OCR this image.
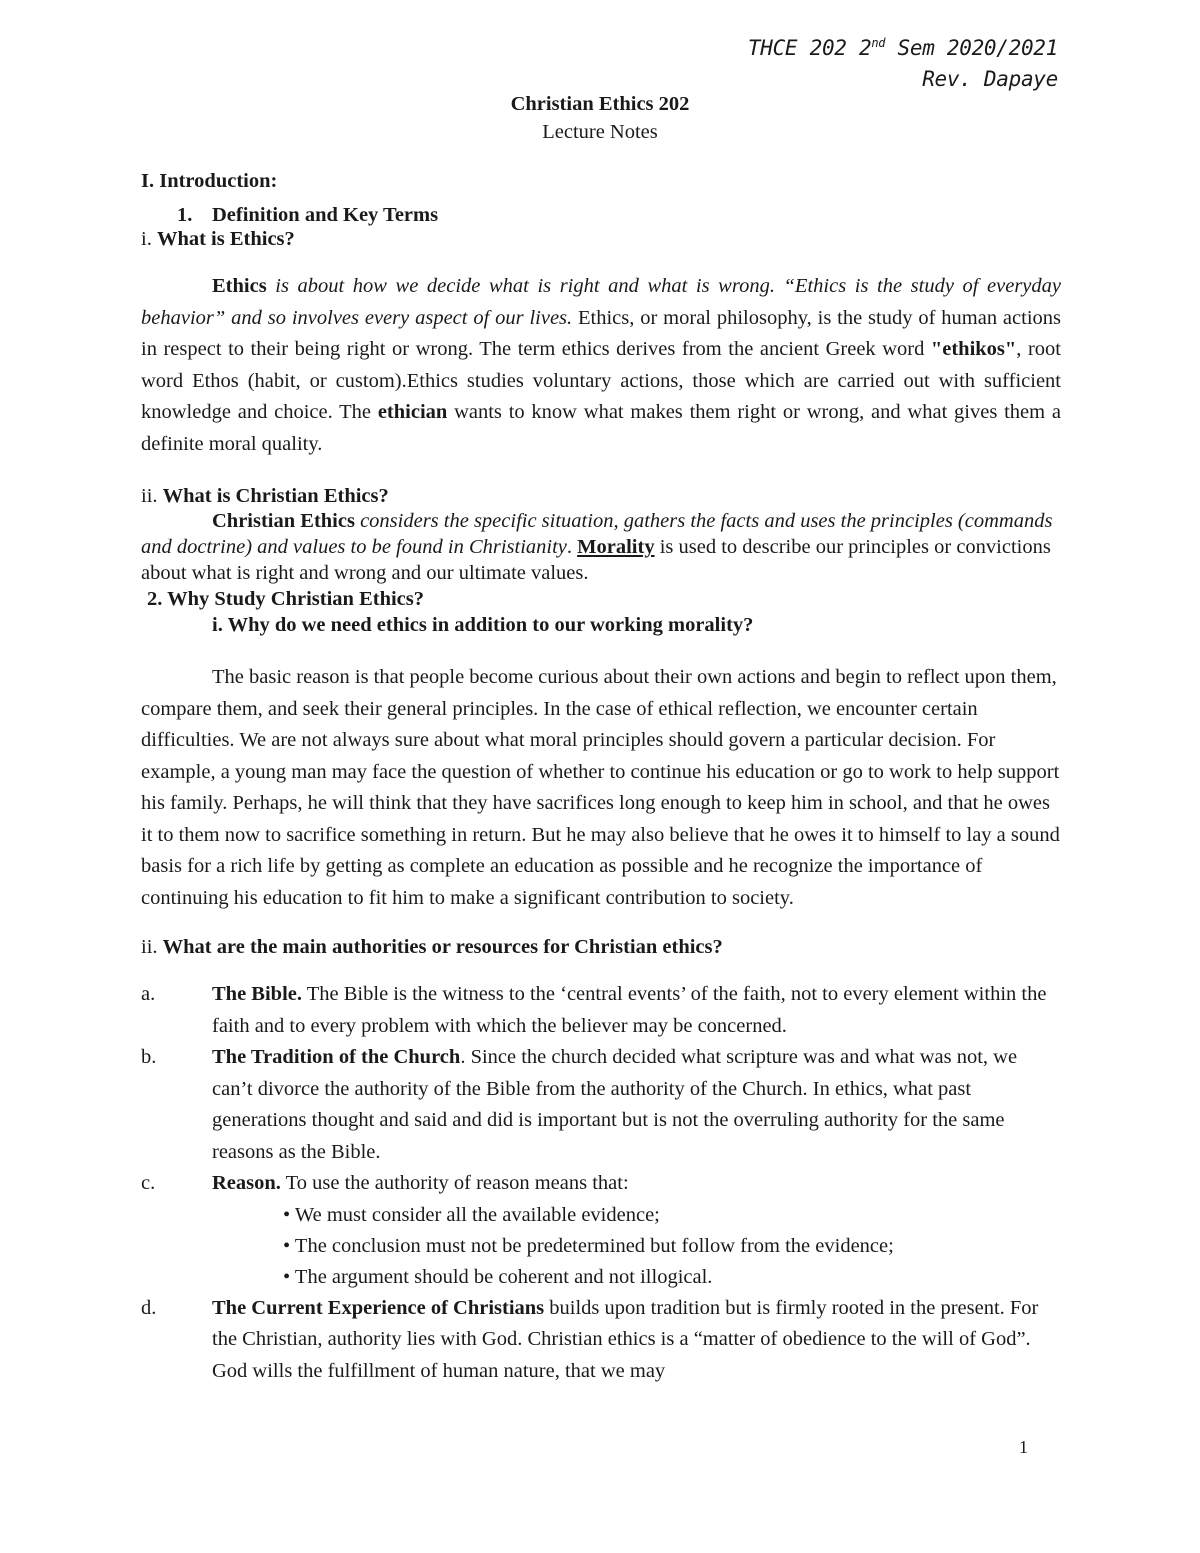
THCE 202 2nd Sem 2020/2021
Rev. Dapaye
Christian Ethics 202
Lecture Notes

I. Introduction:

1. Definition and Key Terms

i. What is Ethics?

Ethics is about how we decide what is right and what is wrong. “Ethics is the study of everyday behavior” and so involves every aspect of our lives. Ethics, or moral philosophy, is the study of human actions in respect to their being right or wrong. The term ethics derives from the ancient Greek word "ethikos", root word Ethos (habit, or custom).Ethics studies voluntary actions, those which are carried out with sufficient knowledge and choice. The ethician wants to know what makes them right or wrong, and what gives them a definite moral quality.

ii. What is Christian Ethics?

Christian Ethics considers the specific situation, gathers the facts and uses the principles (commands and doctrine) and values to be found in Christianity. Morality is used to describe our principles or convictions about what is right and wrong and our ultimate values.

2. Why Study Christian Ethics?

i. Why do we need ethics in addition to our working morality?

The basic reason is that people become curious about their own actions and begin to reflect upon them, compare them, and seek their general principles. In the case of ethical reflection, we encounter certain difficulties. We are not always sure about what moral principles should govern a particular decision. For example, a young man may face the question of whether to continue his education or go to work to help support his family. Perhaps, he will think that they have sacrifices long enough to keep him in school, and that he owes it to them now to sacrifice something in return. But he may also believe that he owes it to himself to lay a sound basis for a rich life by getting as complete an education as possible and he recognize the importance of continuing his education to fit him to make a significant contribution to society.

ii. What are the main authorities or resources for Christian ethics?

a.	The Bible. The Bible is the witness to the ‘central events’ of the faith, not to every element within the faith and to every problem with which the believer may be concerned.
b.	The Tradition of the Church. Since the church decided what scripture was and what was not, we can’t divorce the authority of the Bible from the authority of the Church. In ethics, what past generations thought and said and did is important but is not the overruling authority for the same reasons as the Bible.
c.	Reason. To use the authority of reason means that:
• We must consider all the available evidence;
• The conclusion must not be predetermined but follow from the evidence;
• The argument should be coherent and not illogical.
d.	The Current Experience of Christians builds upon tradition but is firmly rooted in the present. For the Christian, authority lies with God. Christian ethics is a “matter of obedience to the will of God”. God wills the fulfillment of human nature, that we may
1
